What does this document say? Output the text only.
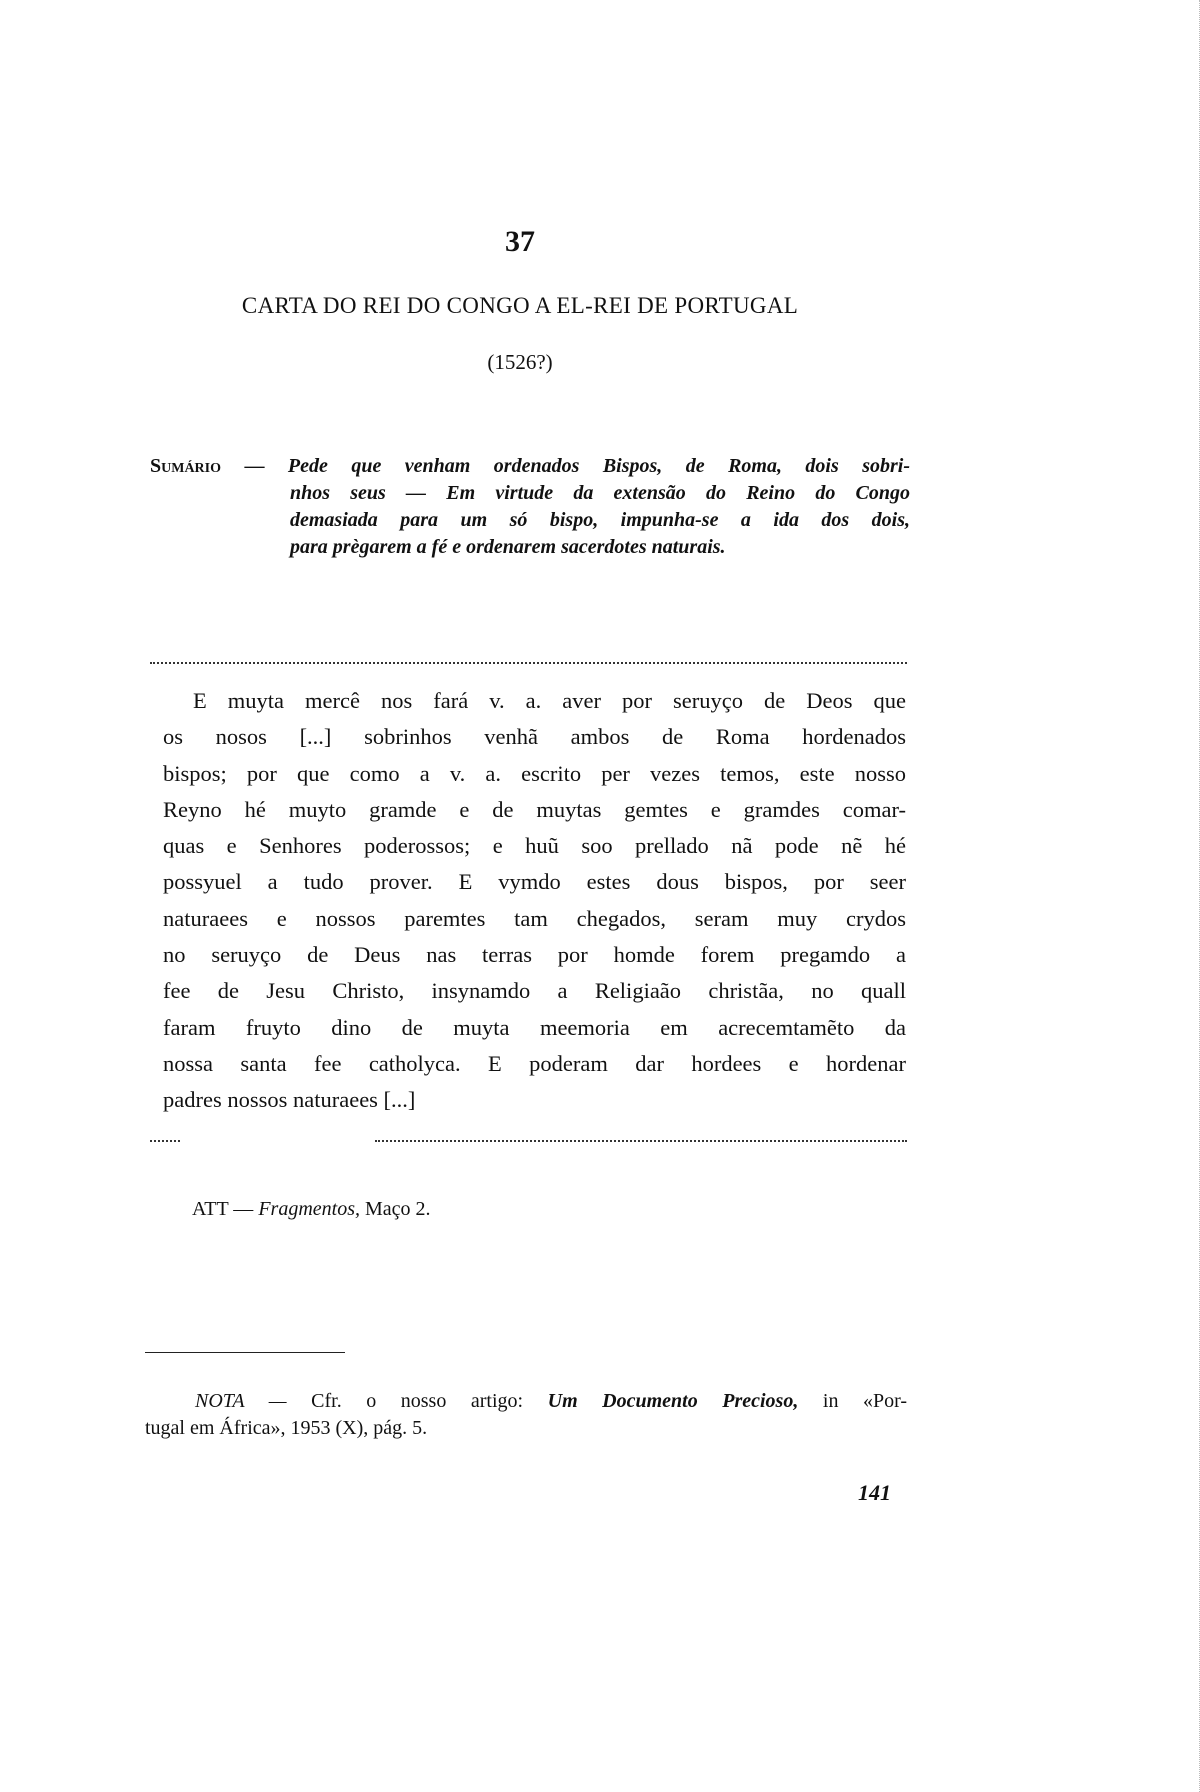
37
CARTA DO REI DO CONGO A EL-REI DE PORTUGAL
(1526?)
Sumário — Pede que venham ordenados Bispos, de Roma, dois sobri-
nhos seus — Em virtude da extensão do Reino do Congo
demasiada para um só bispo, impunha-se a ida dos dois,
para prègarem a fé e ordenarem sacerdotes naturais.
E muyta mercê nos fará v. a. aver por seruyço de Deos que
os nosos [...] sobrinhos venhã ambos de Roma hordenados
bispos; por que como a v. a. escrito per vezes temos, este nosso
Reyno hé muyto gramde e de muytas gemtes e gramdes comar-
quas e Senhores poderossos; e huũ soo prellado nã pode nẽ hé
possyuel a tudo prover. E vymdo estes dous bispos, por seer
naturaees e nossos paremtes tam chegados, seram muy crydos
no seruyço de Deus nas terras por homde forem pregamdo a
fee de Jesu Christo, insynamdo a Religiaão christãa, no quall
faram fruyto dino de muyta meemoria em acrecemtamẽto da
nossa santa fee catholyca. E poderam dar hordees e hordenar
padres nossos naturaees [...]
ATT — Fragmentos, Maço 2.
NOTA — Cfr. o nosso artigo: Um Documento Precioso, in «Por-
tugal em África», 1953 (X), pág. 5.
141
